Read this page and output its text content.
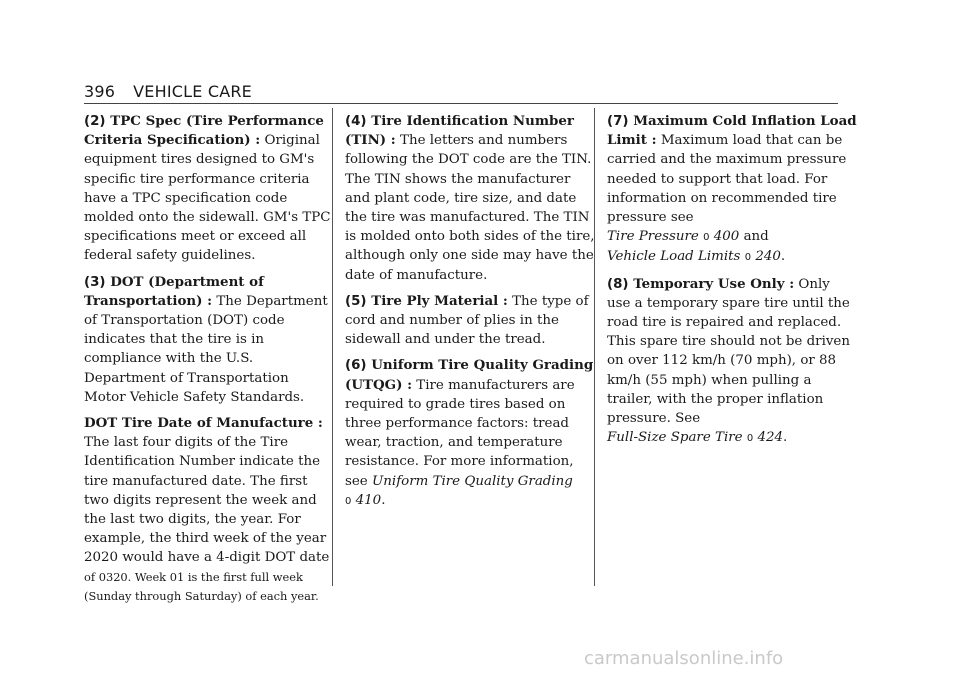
396 VEHICLE CARE

(2) TPC Spec (Tire Performance Criteria Specification) : Original equipment tires designed to GM's specific tire performance criteria have a TPC specification code molded onto the sidewall. GM's TPC specifications meet or exceed all federal safety guidelines.

(3) DOT (Department of Transportation) : The Department of Transportation (DOT) code indicates that the tire is in compliance with the U.S. Department of Transportation Motor Vehicle Safety Standards.

DOT Tire Date of Manufacture : The last four digits of the Tire Identification Number indicate the tire manufactured date. The first two digits represent the week and the last two digits, the year. For example, the third week of the year 2020 would have a 4-digit DOT date of 0320. Week 01 is the first full week (Sunday through Saturday) of each year.

(4) Tire Identification Number (TIN) : The letters and numbers following the DOT code are the TIN. The TIN shows the manufacturer and plant code, tire size, and date the tire was manufactured. The TIN is molded onto both sides of the tire, although only one side may have the date of manufacture.

(5) Tire Ply Material : The type of cord and number of plies in the sidewall and under the tread.

(6) Uniform Tire Quality Grading (UTQG) : Tire manufacturers are required to grade tires based on three performance factors: tread wear, traction, and temperature resistance. For more information, see Uniform Tire Quality Grading
0 410.

(7) Maximum Cold Inflation Load Limit : Maximum load that can be carried and the maximum pressure needed to support that load. For information on recommended tire pressure see
Tire Pressure 0 400 and
Vehicle Load Limits 0 240.

(8) Temporary Use Only : Only use a temporary spare tire until the road tire is repaired and replaced. This spare tire should not be driven on over 112 km/h (70 mph), or 88 km/h (55 mph) when pulling a trailer, with the proper inflation pressure. See
Full-Size Spare Tire 0 424.

carmanualsonline.info
